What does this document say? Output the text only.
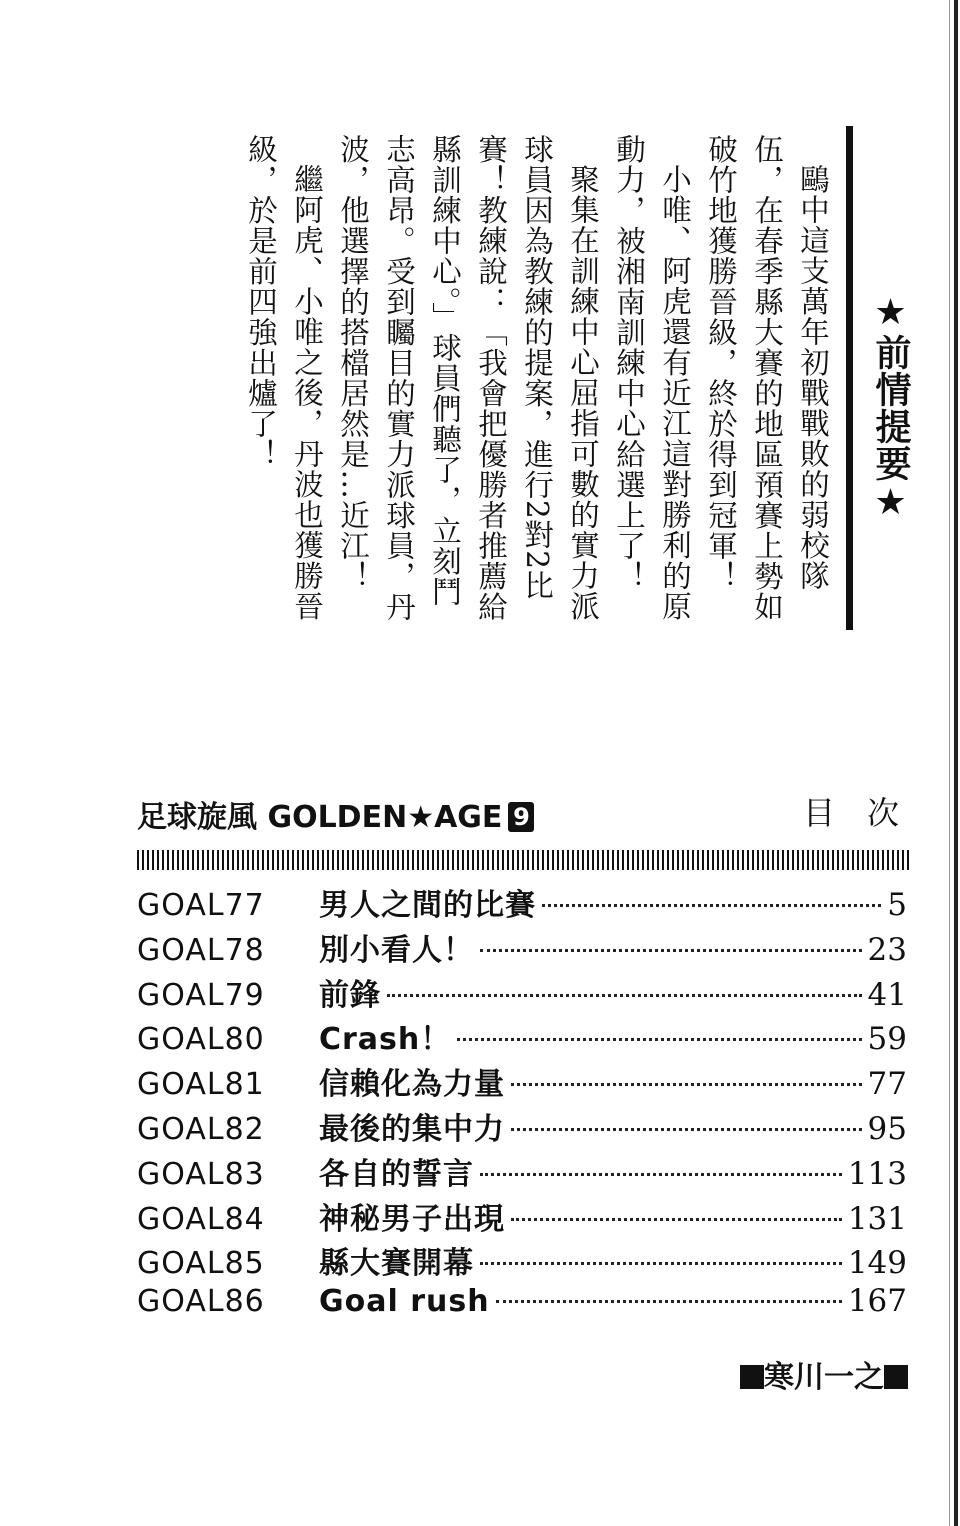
★前情提要★

鷗中這支萬年初戰戰敗的弱校隊伍，在春季縣大賽的地區預賽上勢如破竹地獲勝晉級，終於得到冠軍！

小唯、阿虎還有近江這對勝利的原動力，被湘南訓練中心給選上了！

聚集在訓練中心屈指可數的實力派球員因為教練的提案，進行2對2比賽！教練說：「我會把優勝者推薦給縣訓練中心。」球員們聽了，立刻鬥志高昂。受到矚目的實力派球員，丹波，他選擇的搭檔居然是…近江！

繼阿虎、小唯之後，丹波也獲勝晉級，於是前四強出爐了！

足球旋風 GOLDEN★AGE 9	目次
GOAL77	男人之間的比賽	5
GOAL78	別小看人！	23
GOAL79	前鋒	41
GOAL80	Crash！	59
GOAL81	信賴化為力量	77
GOAL82	最後的集中力	95
GOAL83	各自的誓言	113
GOAL84	神秘男子出現	131
GOAL85	縣大賽開幕	149
GOAL86	Goal rush	167
寒川一之
